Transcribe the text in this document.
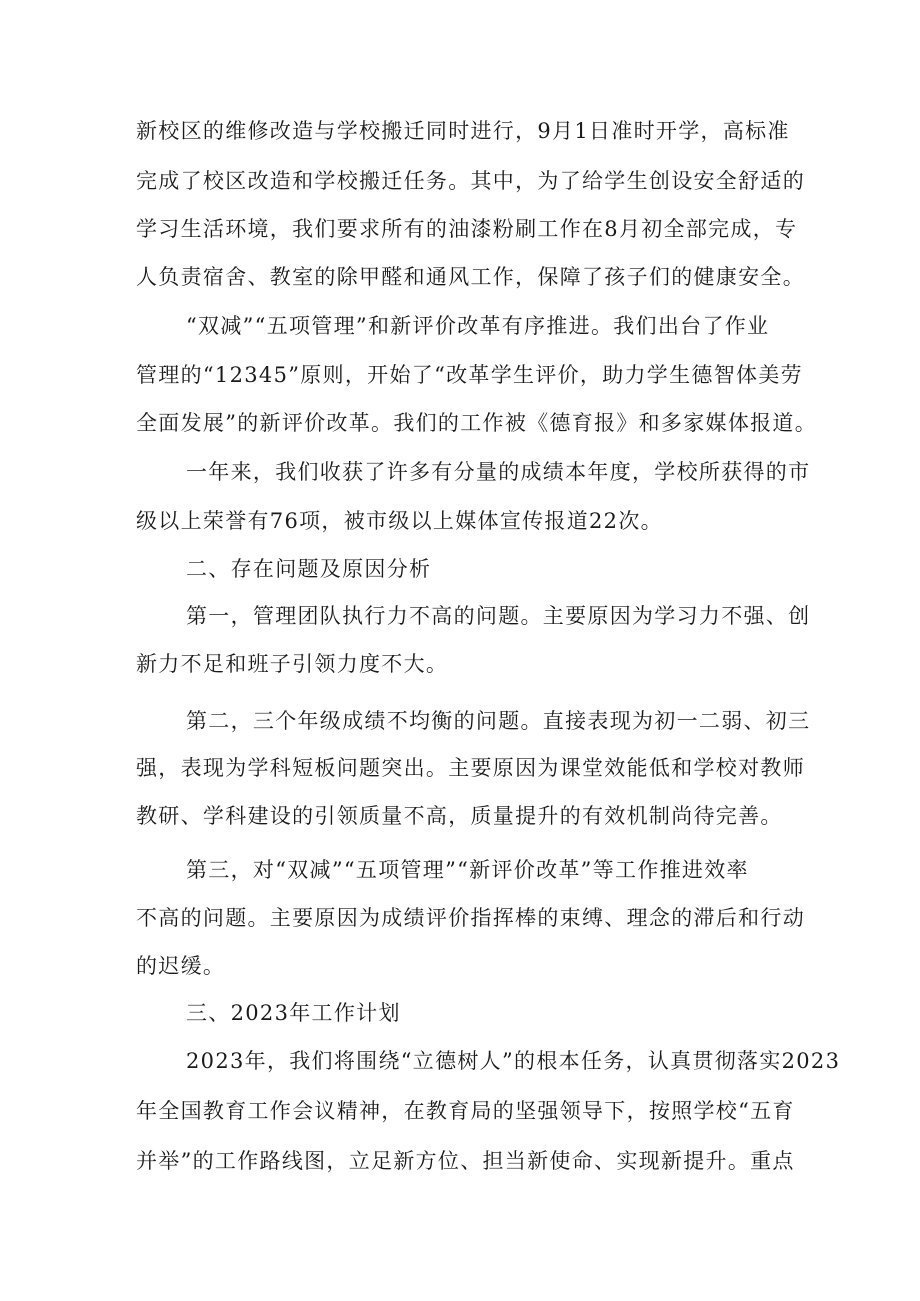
新校区的维修改造与学校搬迁同时进行，9月1日准时开学，高标准
完成了校区改造和学校搬迁任务。其中，为了给学生创设安全舒适的
学习生活环境，我们要求所有的油漆粉刷工作在8月初全部完成，专
人负责宿舍、教室的除甲醛和通风工作，保障了孩子们的健康安全。
“双减”“五项管理”和新评价改革有序推进。我们出台了作业
管理的“12345”原则，开始了“改革学生评价，助力学生德智体美劳
全面发展”的新评价改革。我们的工作被《德育报》和多家媒体报道。
一年来，我们收获了许多有分量的成绩本年度，学校所获得的市
级以上荣誉有76项，被市级以上媒体宣传报道22次。
二、存在问题及原因分析
第一，管理团队执行力不高的问题。主要原因为学习力不强、创
新力不足和班子引领力度不大。
第二，三个年级成绩不均衡的问题。直接表现为初一二弱、初三
强，表现为学科短板问题突出。主要原因为课堂效能低和学校对教师
教研、学科建设的引领质量不高，质量提升的有效机制尚待完善。
第三，对“双减”“五项管理”“新评价改革”等工作推进效率
不高的问题。主要原因为成绩评价指挥棒的束缚、理念的滞后和行动
的迟缓。
三、2023年工作计划
2023年，我们将围绕“立德树人”的根本任务，认真贯彻落实2023
年全国教育工作会议精神，在教育局的坚强领导下，按照学校“五育
并举”的工作路线图，立足新方位、担当新使命、实现新提升。重点
